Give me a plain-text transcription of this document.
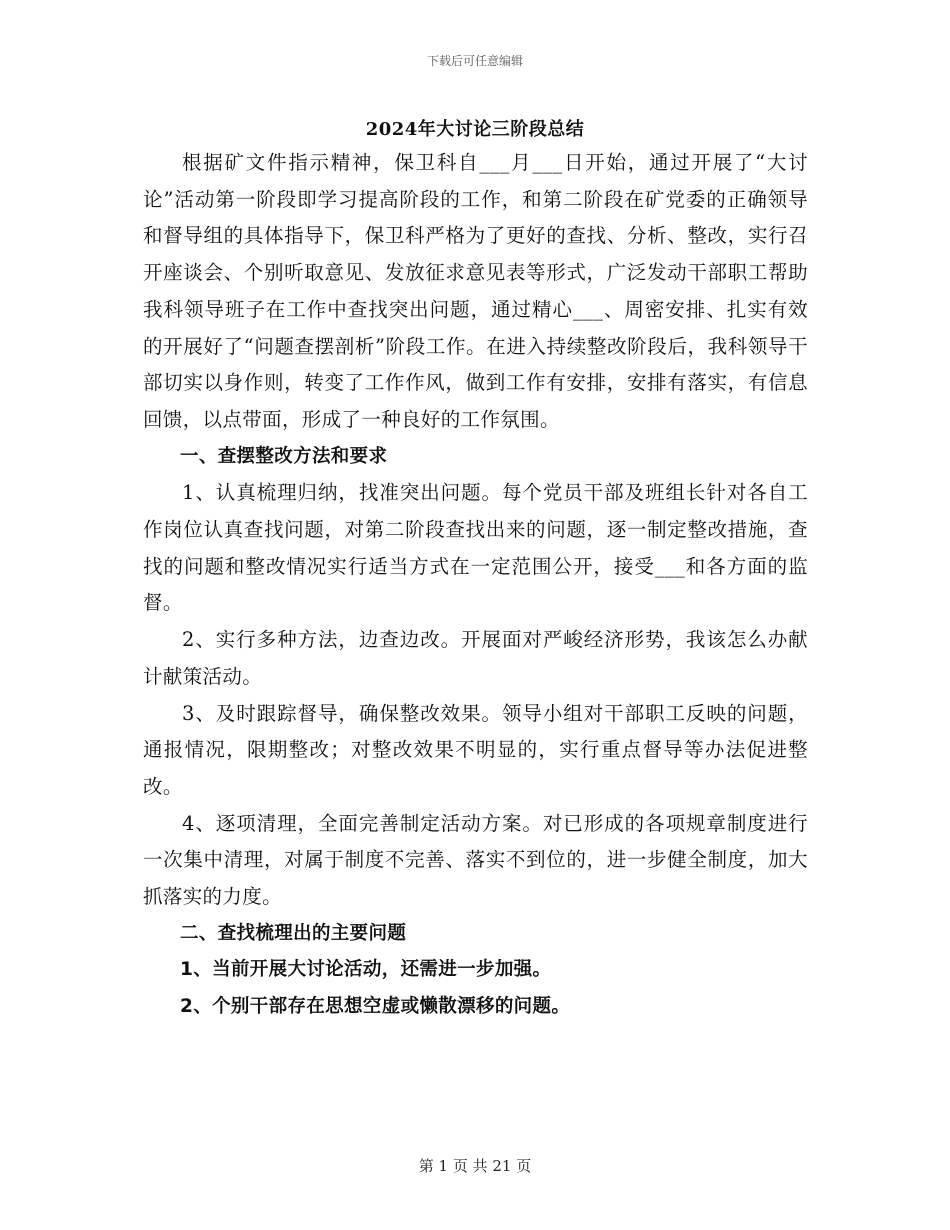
下载后可任意编辑
2024年大讨论三阶段总结

根据矿文件指示精神，保卫科自___月___日开始，通过开展了“大讨论”活动第一阶段即学习提高阶段的工作，和第二阶段在矿党委的正确领导和督导组的具体指导下，保卫科严格为了更好的查找、分析、整改，实行召开座谈会、个别听取意见、发放征求意见表等形式，广泛发动干部职工帮助我科领导班子在工作中查找突出问题，通过精心___、周密安排、扎实有效的开展好了“问题查摆剖析”阶段工作。在进入持续整改阶段后，我科领导干部切实以身作则，转变了工作作风，做到工作有安排，安排有落实，有信息回馈，以点带面，形成了一种良好的工作氛围。

一、查摆整改方法和要求

1、认真梳理归纳，找准突出问题。每个党员干部及班组长针对各自工作岗位认真查找问题，对第二阶段查找出来的问题，逐一制定整改措施，查找的问题和整改情况实行适当方式在一定范围公开，接受___和各方面的监督。

2、实行多种方法，边查边改。开展面对严峻经济形势，我该怎么办献计献策活动。

3、及时跟踪督导，确保整改效果。领导小组对干部职工反映的问题，通报情况，限期整改；对整改效果不明显的，实行重点督导等办法促进整改。

4、逐项清理，全面完善制定活动方案。对已形成的各项规章制度进行一次集中清理，对属于制度不完善、落实不到位的，进一步健全制度，加大抓落实的力度。

二、查找梳理出的主要问题

1、当前开展大讨论活动，还需进一步加强。

2、个别干部存在思想空虚或懒散漂移的问题。

第 1 页 共 21 页
